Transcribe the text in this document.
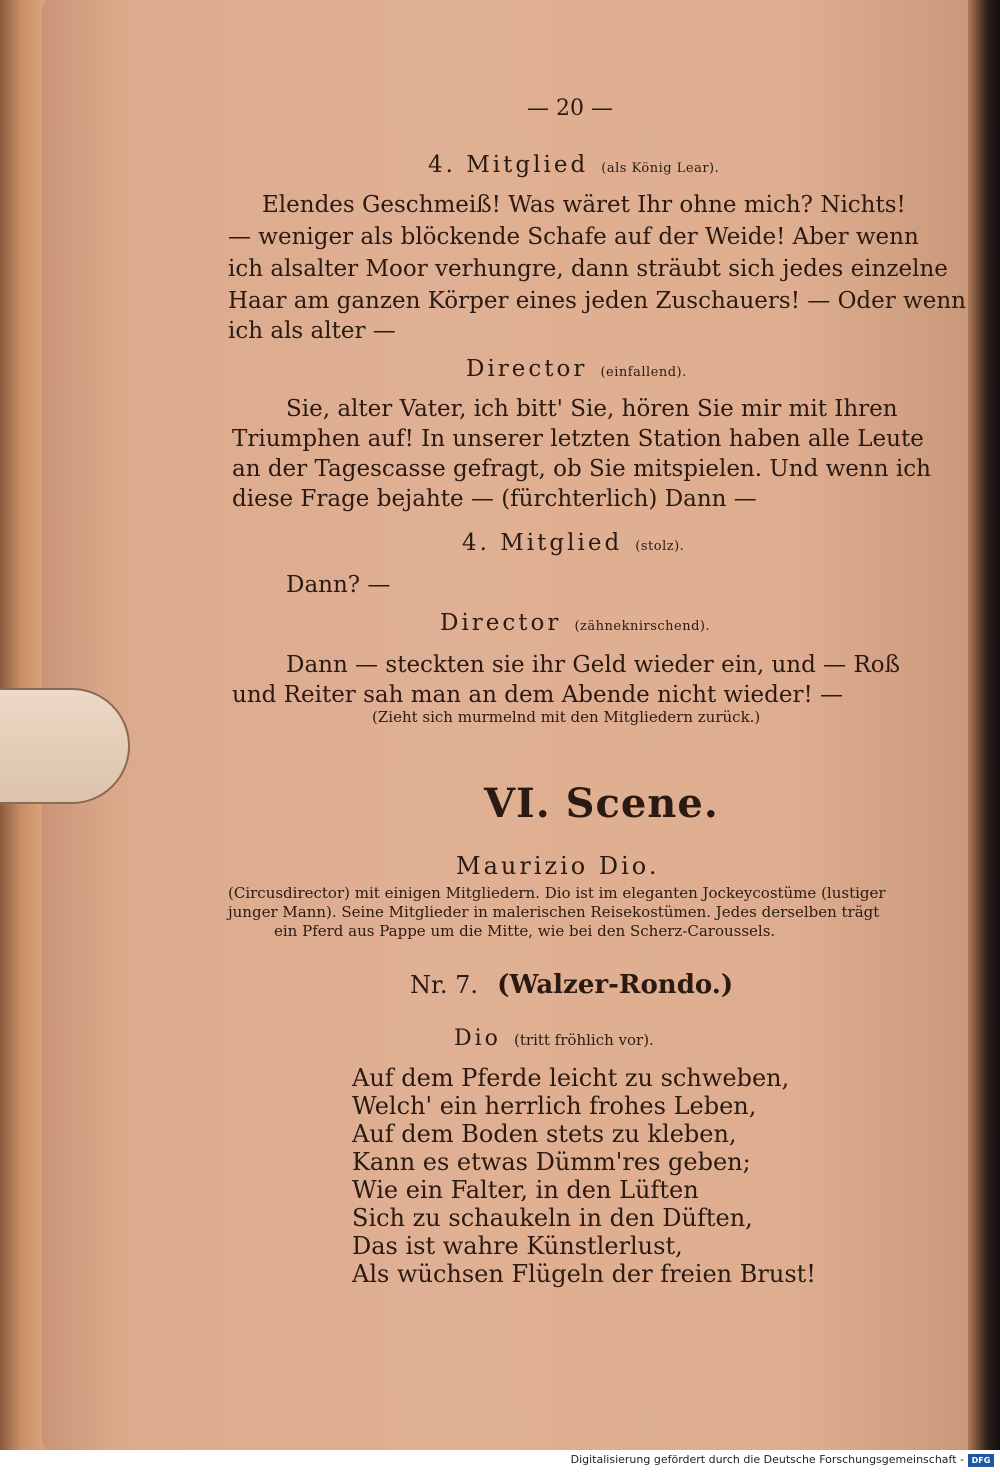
— 20 —
4. Mitglied (als König Lear).
Elendes Geschmeiß! Was wäret Ihr ohne mich? Nichts!
— weniger als blöckende Schafe auf der Weide! Aber wenn
ich alsalter Moor verhungre, dann sträubt sich jedes einzelne
Haar am ganzen Körper eines jeden Zuschauers! — Oder wenn
ich als alter —
Director (einfallend).
Sie, alter Vater, ich bitt' Sie, hören Sie mir mit Ihren
Triumphen auf! In unserer letzten Station haben alle Leute
an der Tagescasse gefragt, ob Sie mitspielen. Und wenn ich
diese Frage bejahte — (fürchterlich) Dann —
4. Mitglied (stolz).
Dann? —
Director (zähneknirschend).
Dann — steckten sie ihr Geld wieder ein, und — Roß
und Reiter sah man an dem Abende nicht wieder! —
(Zieht sich murmelnd mit den Mitgliedern zurück.)
VI. Scene.
Maurizio Dio.
(Circusdirector) mit einigen Mitgliedern. Dio ist im eleganten Jockeycostüme (lustiger
junger Mann). Seine Mitglieder in malerischen Reisekostümen. Jedes derselben trägt
ein Pferd aus Pappe um die Mitte, wie bei den Scherz-Caroussels.
Nr. 7. (Walzer-Rondo.)
Dio (tritt fröhlich vor).
Auf dem Pferde leicht zu schweben,
Welch' ein herrlich frohes Leben,
Auf dem Boden stets zu kleben,
Kann es etwas Dümm'res geben;
Wie ein Falter, in den Lüften
Sich zu schaukeln in den Düften,
Das ist wahre Künstlerlust,
Als wüchsen Flügeln der freien Brust!
Digitalisierung gefördert durch die Deutsche Forschungsgemeinschaft - DFG
